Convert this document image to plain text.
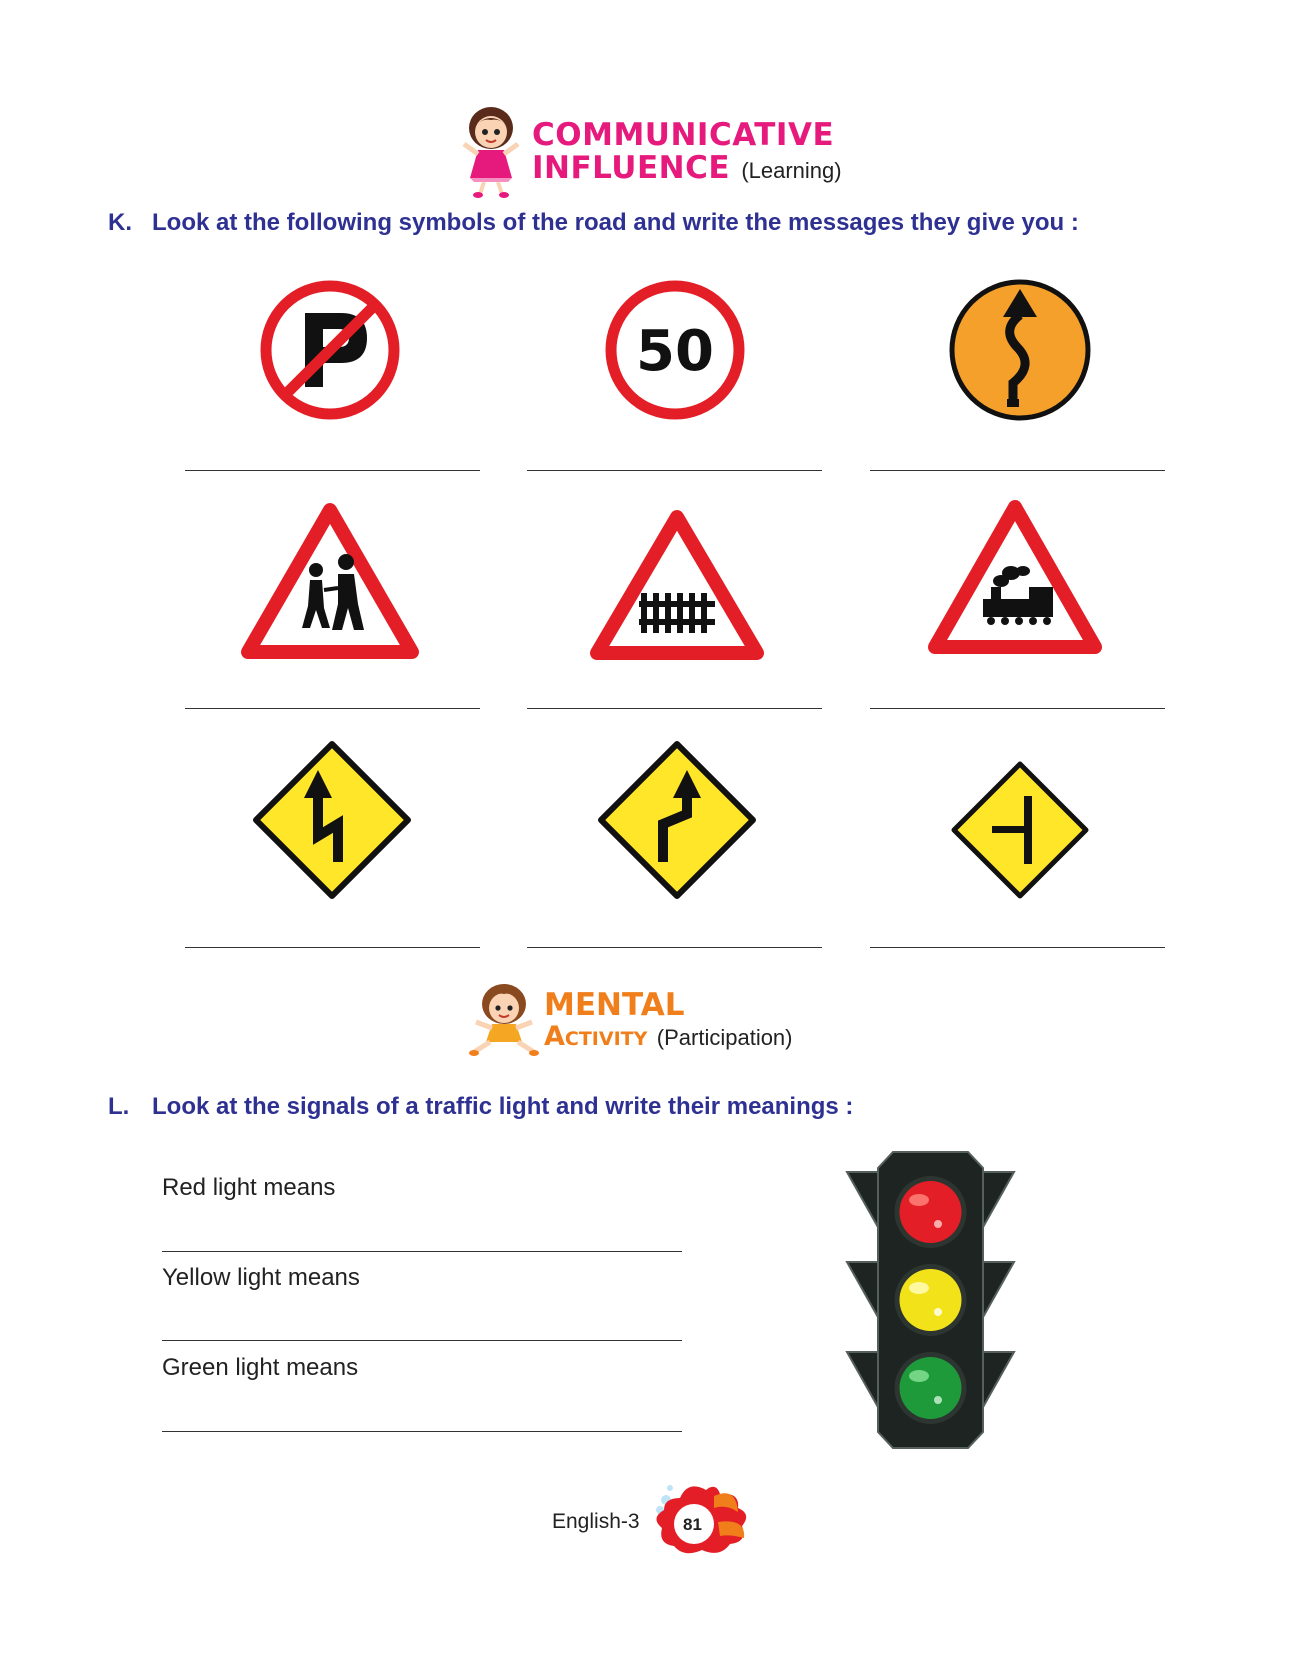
COMMUNICATIVE
INFLUENCE (Learning)
K. Look at the following symbols of the road and write the messages they give you :
50
MENTAL
Activity (Participation)
L. Look at the signals of a traffic light and write their meanings :
Red light means
Yellow light means
Green light means
English-3	81
